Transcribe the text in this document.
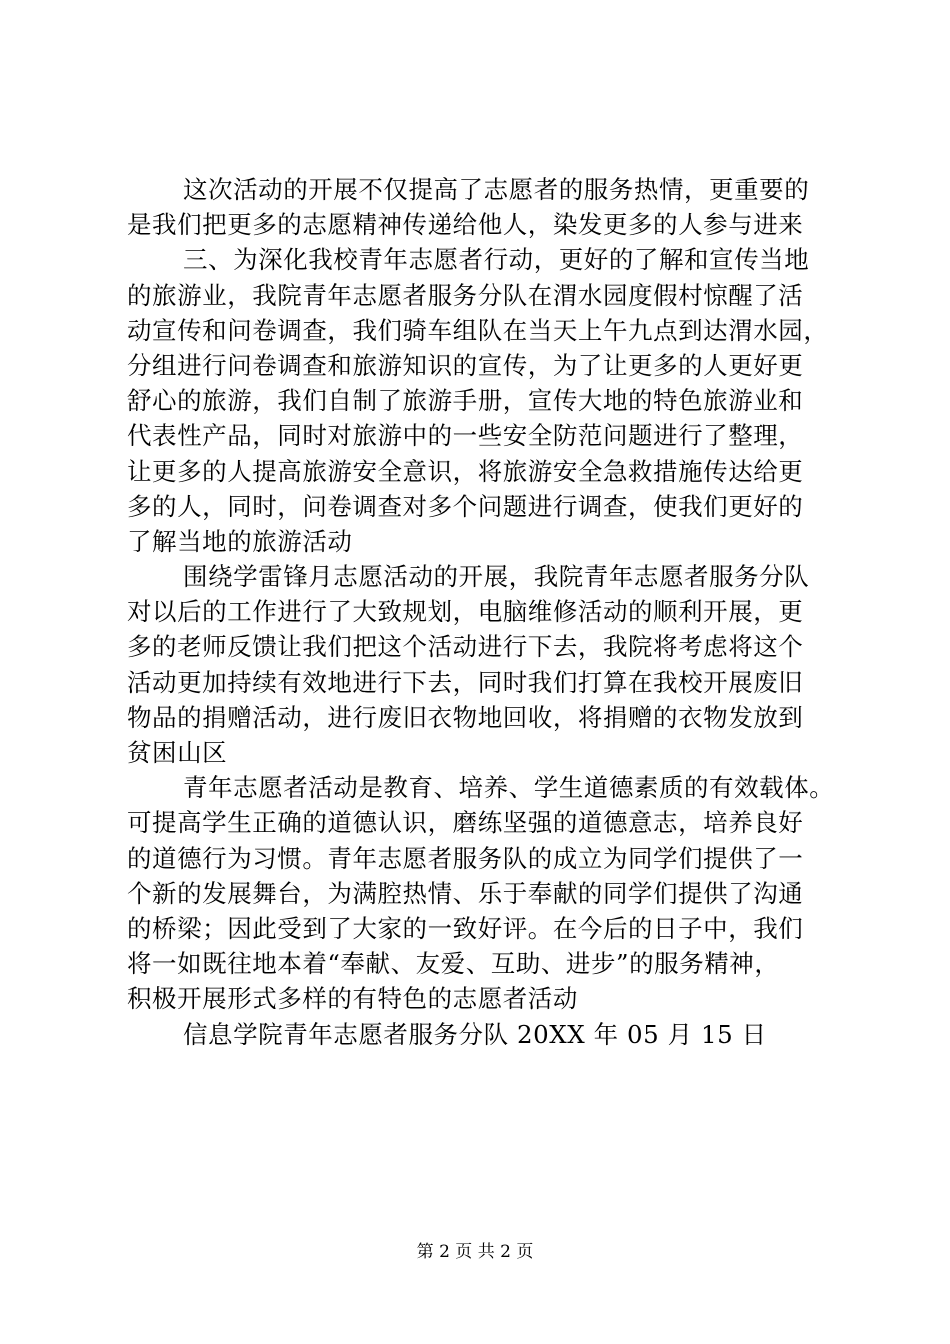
这次活动的开展不仅提高了志愿者的服务热情，更重要的
是我们把更多的志愿精神传递给他人，染发更多的人参与进来
三、为深化我校青年志愿者行动，更好的了解和宣传当地
的旅游业，我院青年志愿者服务分队在渭水园度假村惊醒了活
动宣传和问卷调查，我们骑车组队在当天上午九点到达渭水园，
分组进行问卷调查和旅游知识的宣传，为了让更多的人更好更
舒心的旅游，我们自制了旅游手册，宣传大地的特色旅游业和
代表性产品，同时对旅游中的一些安全防范问题进行了整理，
让更多的人提高旅游安全意识，将旅游安全急救措施传达给更
多的人，同时，问卷调查对多个问题进行调查，使我们更好的
了解当地的旅游活动
围绕学雷锋月志愿活动的开展，我院青年志愿者服务分队
对以后的工作进行了大致规划，电脑维修活动的顺利开展，更
多的老师反馈让我们把这个活动进行下去，我院将考虑将这个
活动更加持续有效地进行下去，同时我们打算在我校开展废旧
物品的捐赠活动，进行废旧衣物地回收，将捐赠的衣物发放到
贫困山区
青年志愿者活动是教育、培养、学生道德素质的有效载体。
可提高学生正确的道德认识，磨练坚强的道德意志，培养良好
的道德行为习惯。青年志愿者服务队的成立为同学们提供了一
个新的发展舞台，为满腔热情、乐于奉献的同学们提供了沟通
的桥梁；因此受到了大家的一致好评。在今后的日子中，我们
将一如既往地本着“奉献、友爱、互助、进步”的服务精神，
积极开展形式多样的有特色的志愿者活动
信息学院青年志愿者服务分队 20XX 年 05 月 15 日
第 2 页 共 2 页
